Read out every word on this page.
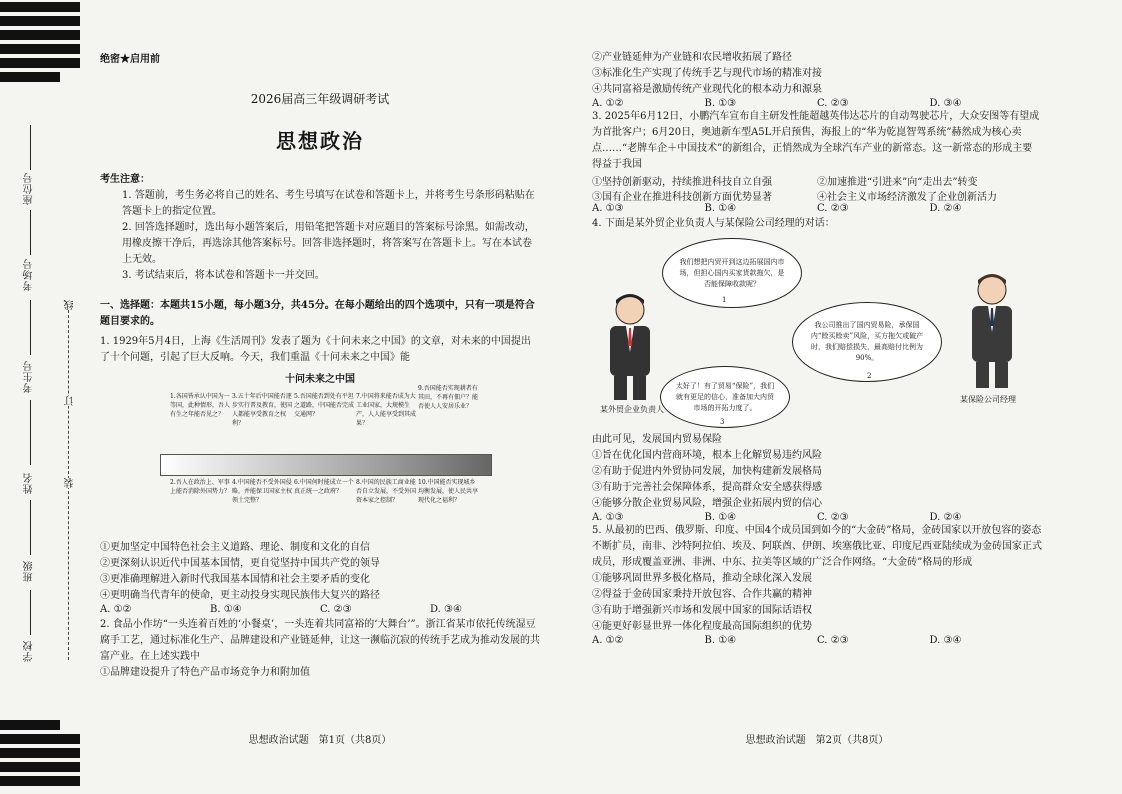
座位号
考场号
考生号
姓名
班级
学校
线
订
装
绝密★启用前
2026届高三年级调研考试
思想政治

考生注意：

1. 答题前，考生务必将自己的姓名、考生号填写在试卷和答题卡上，并将考生号条形码粘贴在答题卡上的指定位置。

2. 回答选择题时，选出每小题答案后，用铅笔把答题卡对应题目的答案标号涂黑。如需改动，用橡皮擦干净后，再选涂其他答案标号。回答非选择题时，将答案写在答题卡上。写在本试卷上无效。

3. 考试结束后，将本试卷和答题卡一并交回。

一、选择题：本题共15小题，每小题3分，共45分。在每小题给出的四个选项中，只有一项是符合题目要求的。

1. 1929年5月4日，上海《生活周刊》发表了题为《十问未来之中国》的文章，对未来的中国提出了十个问题，引起了巨大反响。今天，我们重温《十问未来之中国》能

十问未来之中国
1.各国皆承认中国为一等国，此种情形，吾人有生之年能否见之？
3.五十年后中国能否逐步实行普及教育，使国人都能享受教育之权利？
5.吾国能否到处有平坦之道路，中国能否完成交通网？
7.中国将来能否成为大工业国家，大规模生产，人人能享受到其成果？
9.吾国能否实现耕者有其田，不再有佃户？能否使人人安居乐业？
2.吾人在政治上、军事上能否消除外国势力？
4.中国能否不受外国侵略，并能保卫国家主权领土完整？
6.中国何时能成立一个真正统一之政府？
8.中国的民族工商业能否自立发展，不受外国资本家之控制？
10.中国能否实现城乡均衡发展，使人民共享现代化之福利？

①更加坚定中国特色社会主义道路、理论、制度和文化的自信

②更深刻认识近代中国基本国情，更自觉坚持中国共产党的领导

③更准确理解进入新时代我国基本国情和社会主要矛盾的变化

④更明确当代青年的使命，更主动投身实现民族伟大复兴的路径

A. ①②	B. ①④	C. ②③	D. ③④

2. 食品小作坊“一头连着百姓的‘小餐桌’，一头连着共同富裕的‘大舞台’”。浙江省某市依托传统湿豆腐手工艺，通过标准化生产、品牌建设和产业链延伸，让这一濒临沉寂的传统手艺成为推动发展的共富产业。在上述实践中

①品牌建设提升了特色产品市场竞争力和附加值

思想政治试题　第1页（共8页）

②产业链延伸为产业链和农民增收拓展了路径

③标准化生产实现了传统手艺与现代市场的精准对接

④共同富裕是激励传统产业现代化的根本动力和源泉

A. ①②	B. ①③	C. ②③	D. ③④

3. 2025年6月12日，小鹏汽车宣布自主研发性能超越英伟达芯片的自动驾驶芯片，大众安图等有望成为首批客户；6月20日，奥迪新车型A5L开启预售，海报上的“华为乾崑智驾系统”赫然成为核心卖点……“老牌车企＋中国技术”的新组合，正悄然成为全球汽车产业的新常态。这一新常态的形成主要得益于我国

①坚持创新驱动，持续推进科技自立自强	②加速推进“引进来”向“走出去”转变
③国有企业在推进科技创新方面优势显著	④社会主义市场经济激发了企业创新活力
A. ①③	B. ①④	C. ②③	D. ②④

4. 下面是某外贸企业负责人与某保险公司经理的对话：

我们想把内贸开到这边拓展国内市场，但担心国内买家货款拖欠，是否能保障收款呢？
1
我公司推出了国内贸易险，承保国内“赊买赊卖”风险，买方拖欠或破产时，我们赔偿损失，最高赔付比例为90%。
2
太好了！有了贸易“保险”，我们就有更足的信心，准备加大内贸市场的开拓力度了。
3
某外贸企业负责人
某保险公司经理

由此可见，发展国内贸易保险

①旨在优化国内营商环境，根本上化解贸易违约风险

②有助于促进内外贸协同发展，加快构建新发展格局

③有助于完善社会保障体系，提高群众安全感获得感

④能够分散企业贸易风险，增强企业拓展内贸的信心

A. ①③	B. ①④	C. ②③	D. ②④

5. 从最初的巴西、俄罗斯、印度、中国4个成员国到如今的“大金砖”格局，金砖国家以开放包容的姿态不断扩员，南非、沙特阿拉伯、埃及、阿联酋、伊朗、埃塞俄比亚、印度尼西亚陆续成为金砖国家正式成员，形成覆盖亚洲、非洲、中东、拉美等区域的广泛合作网络。“大金砖”格局的形成

①能够巩固世界多极化格局，推动全球化深入发展

②得益于金砖国家秉持开放包容、合作共赢的精神

③有助于增强新兴市场和发展中国家的国际话语权

④能更好彰显世界一体化程度最高国际组织的优势

A. ①②	B. ①④	C. ②③	D. ③④
思想政治试题　第2页（共8页）
